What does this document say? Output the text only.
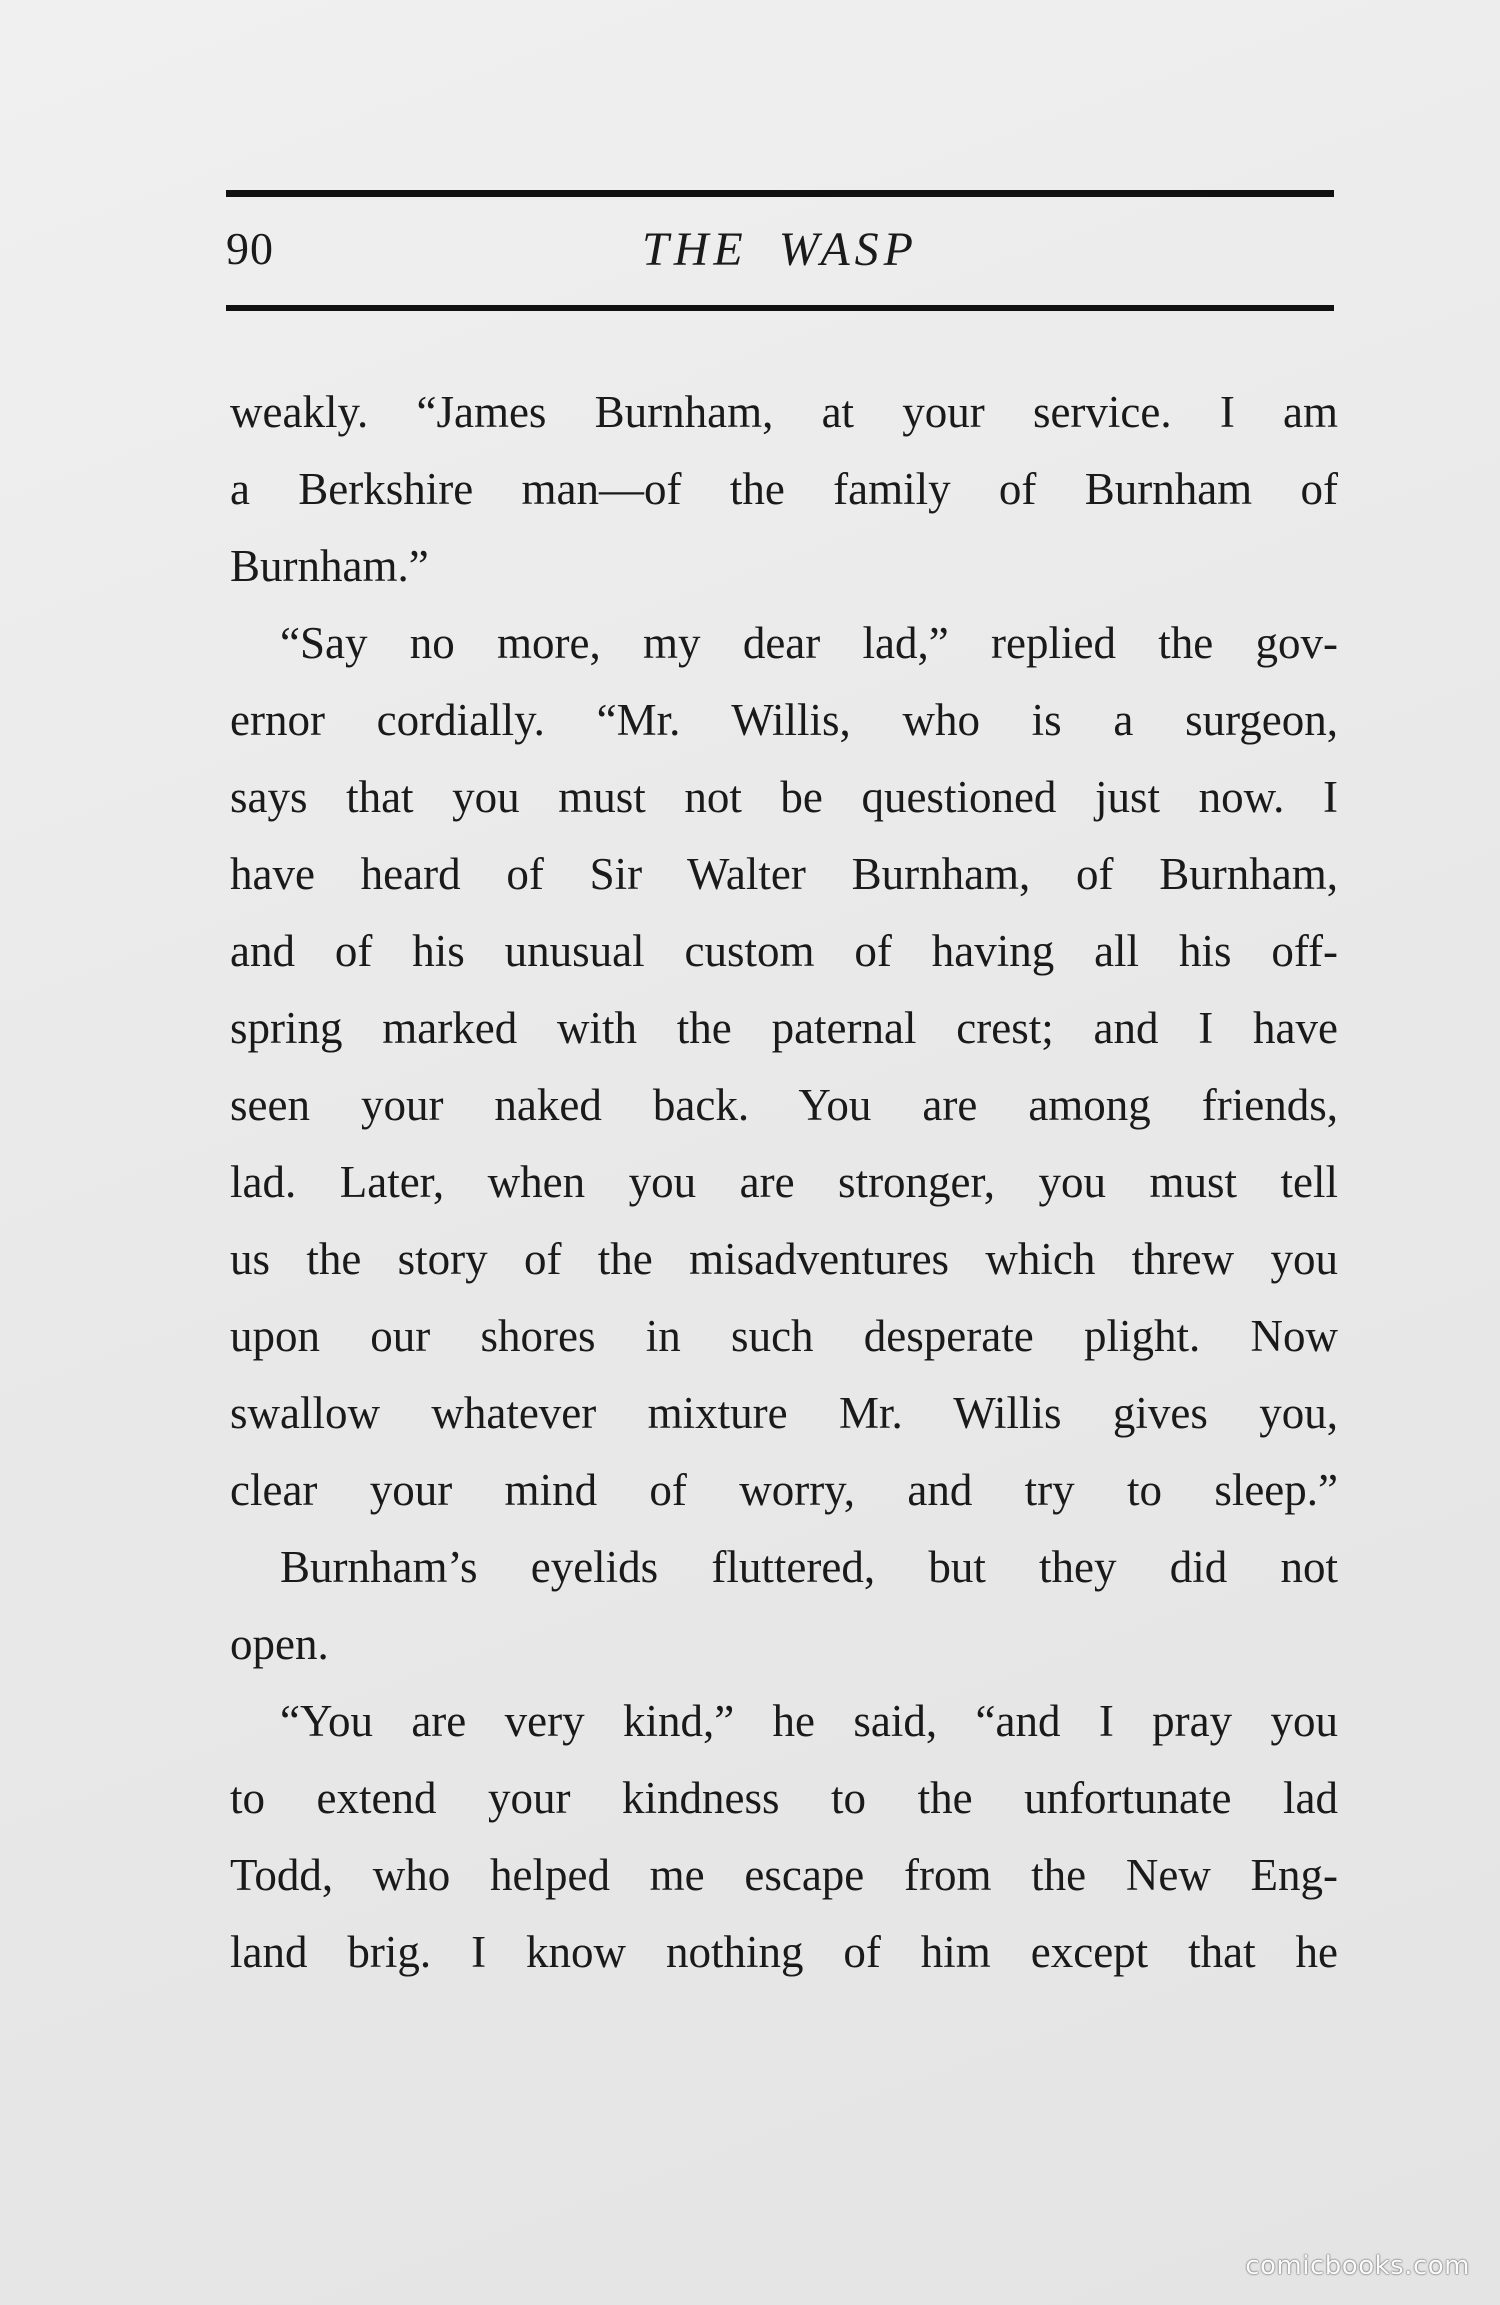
90	THE WASP
weakly. “James Burnham, at your service. I am
a Berkshire man—of the family of Burnham of
Burnham.”
“Say no more, my dear lad,” replied the gov-
ernor cordially. “Mr. Willis, who is a surgeon,
says that you must not be questioned just now. I
have heard of Sir Walter Burnham, of Burnham,
and of his unusual custom of having all his off-
spring marked with the paternal crest; and I have
seen your naked back. You are among friends,
lad. Later, when you are stronger, you must tell
us the story of the misadventures which threw you
upon our shores in such desperate plight. Now
swallow whatever mixture Mr. Willis gives you,
clear your mind of worry, and try to sleep.”
Burnham’s eyelids fluttered, but they did not
open.
“You are very kind,” he said, “and I pray you
to extend your kindness to the unfortunate lad
Todd, who helped me escape from the New Eng-
land brig. I know nothing of him except that he
comicbooks.com
